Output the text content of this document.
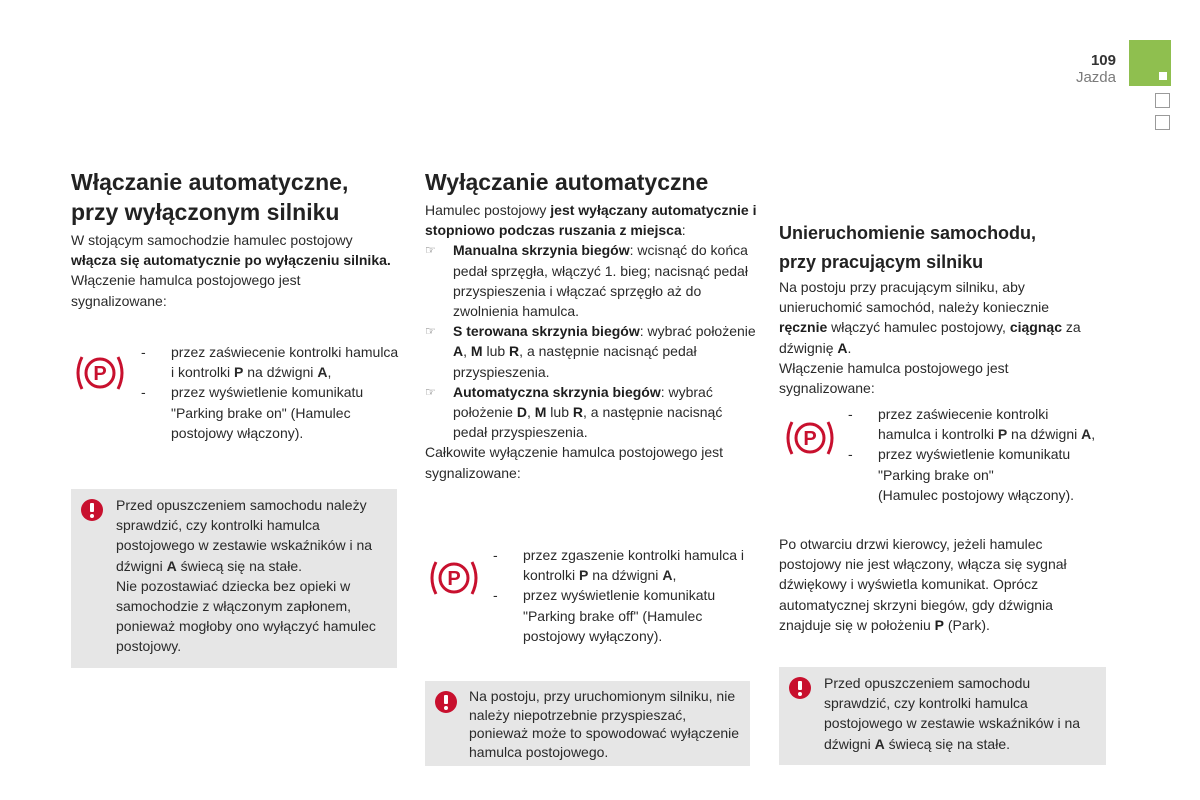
109
Jazda
Włączanie automatyczne,
przy wyłączonym silniku
W stojącym samochodzie hamulec postojowy włącza się automatycznie po wyłączeniu silnika.
Włączenie hamulca postojowego jest sygnalizowane:
P
-	przez zaświecenie kontrolki hamulca i kontrolki P na dźwigni A,
-	przez wyświetlenie komunikatu "Parking brake on" (Hamulec postojowy włączony).
Przed opuszczeniem samochodu należy sprawdzić, czy kontrolki hamulca postojowego w zestawie wskaźników i na dźwigni A świecą się na stałe.
Nie pozostawiać dziecka bez opieki w samochodzie z włączonym zapłonem, ponieważ mogłoby ono wyłączyć hamulec postojowy.
Wyłączanie automatyczne
Hamulec postojowy jest wyłączany automatycznie i stopniowo podczas ruszania z miejsca:
☞	Manualna skrzynia biegów: wcisnąć do końca pedał sprzęgła, włączyć 1. bieg; nacisnąć pedał przyspieszenia i włączać sprzęgło aż do zwolnienia hamulca.
☞	S terowana skrzynia biegów: wybrać położenie A, M lub R, a następnie nacisnąć pedał przyspieszenia.
☞	Automatyczna skrzynia biegów: wybrać położenie D, M lub R, a następnie nacisnąć pedał przyspieszenia.
Całkowite wyłączenie hamulca postojowego jest sygnalizowane:
P
-	przez zgaszenie kontrolki hamulca i kontrolki P na dźwigni A,
-	przez wyświetlenie komunikatu "Parking brake off" (Hamulec postojowy wyłączony).
Na postoju, przy uruchomionym silniku, nie należy niepotrzebnie przyspieszać, ponieważ może to spowodować wyłączenie hamulca postojowego.
Unieruchomienie samochodu,
przy pracującym silniku
Na postoju przy pracującym silniku, aby unieruchomić samochód, należy koniecznie ręcznie włączyć hamulec postojowy, ciągnąc za dźwignię A.
Włączenie hamulca postojowego jest sygnalizowane:
P
-	przez zaświecenie kontrolki hamulca i kontrolki P na dźwigni A,
-	przez wyświetlenie komunikatu "Parking brake on"
(Hamulec postojowy włączony).
Po otwarciu drzwi kierowcy, jeżeli hamulec postojowy nie jest włączony, włącza się sygnał dźwiękowy i wyświetla komunikat. Oprócz automatycznej skrzyni biegów, gdy dźwignia znajduje się w położeniu P (Park).
Przed opuszczeniem samochodu sprawdzić, czy kontrolki hamulca postojowego w zestawie wskaźników i na dźwigni A świecą się na stałe.
